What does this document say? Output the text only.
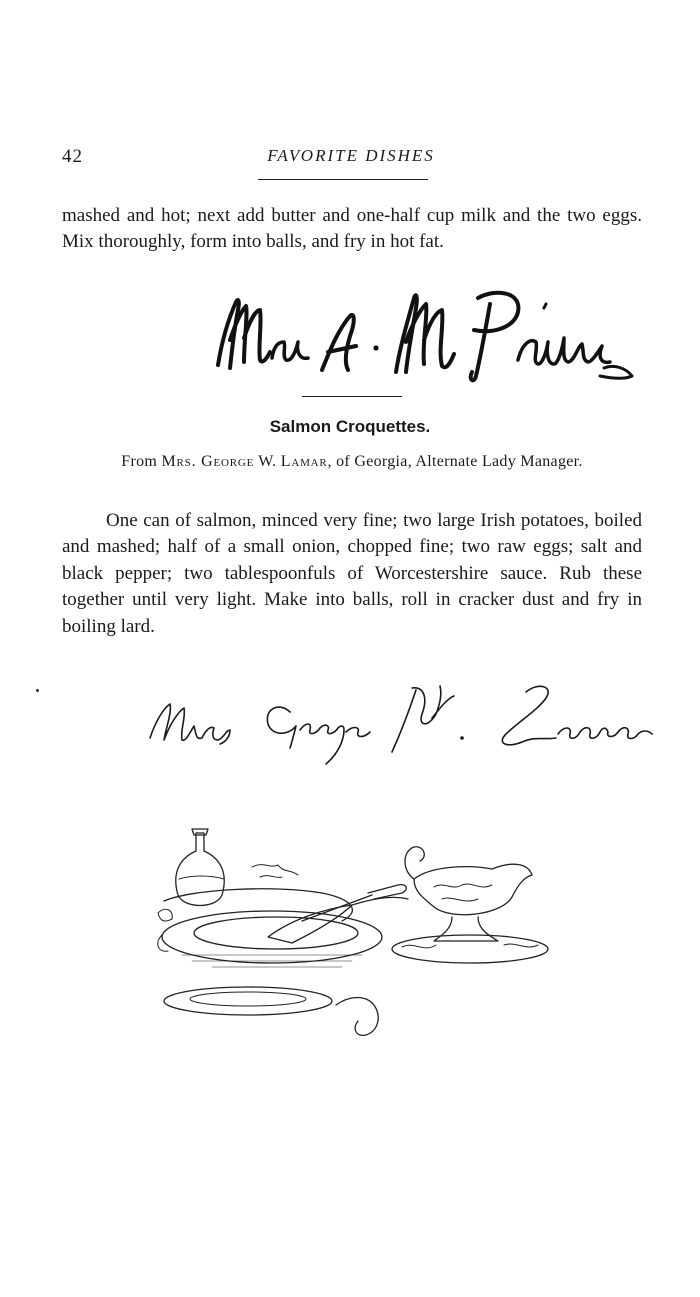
42	FAVORITE DISHES

mashed and hot; next add butter and one-half cup milk and the two eggs. Mix thoroughly, form into balls, and fry in hot fat.

Salmon Croquettes.
From Mrs. George W. Lamar, of Georgia, Alternate Lady Manager.

One can of salmon, minced very fine; two large Irish potatoes, boiled and mashed; half of a small onion, chopped fine; two raw eggs; salt and black pepper; two tablespoonfuls of Worcestershire sauce. Rub these together until very light. Make into balls, roll in cracker dust and fry in boiling lard.
